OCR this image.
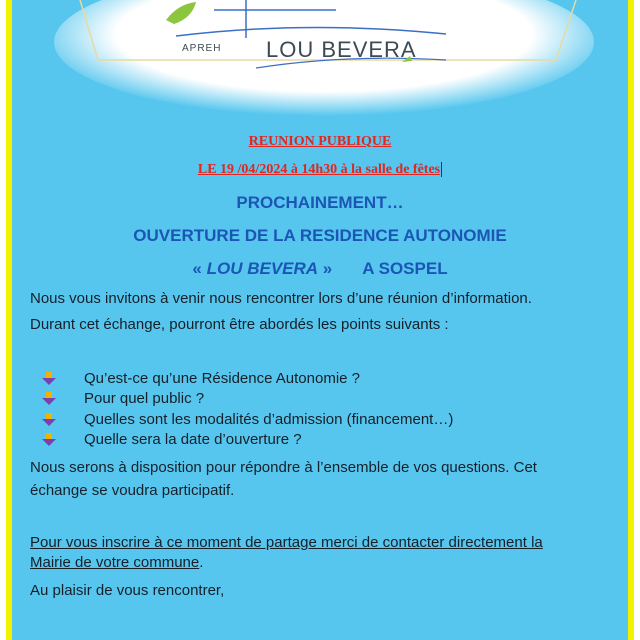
APREH LOU BEVERA
REUNION PUBLIQUE
LE 19 /04/2024 à 14h30 à la salle de fêtes
PROCHAINEMENT…
OUVERTURE DE LA RESIDENCE AUTONOMIE
« LOU BEVERA » A SOSPEL
Nous vous invitons à venir nous rencontrer lors d’une réunion d’information.
Durant cet échange, pourront être abordés les points suivants :
Qu’est-ce qu’une Résidence Autonomie ?
Pour quel public ?
Quelles sont les modalités d’admission (financement…)
Quelle sera la date d’ouverture ?
Nous serons à disposition pour répondre à l’ensemble de vos questions. Cet
échange se voudra participatif.
Pour vous inscrire à ce moment de partage merci de contacter directement la
Mairie de votre commune.
Au plaisir de vous rencontrer,
